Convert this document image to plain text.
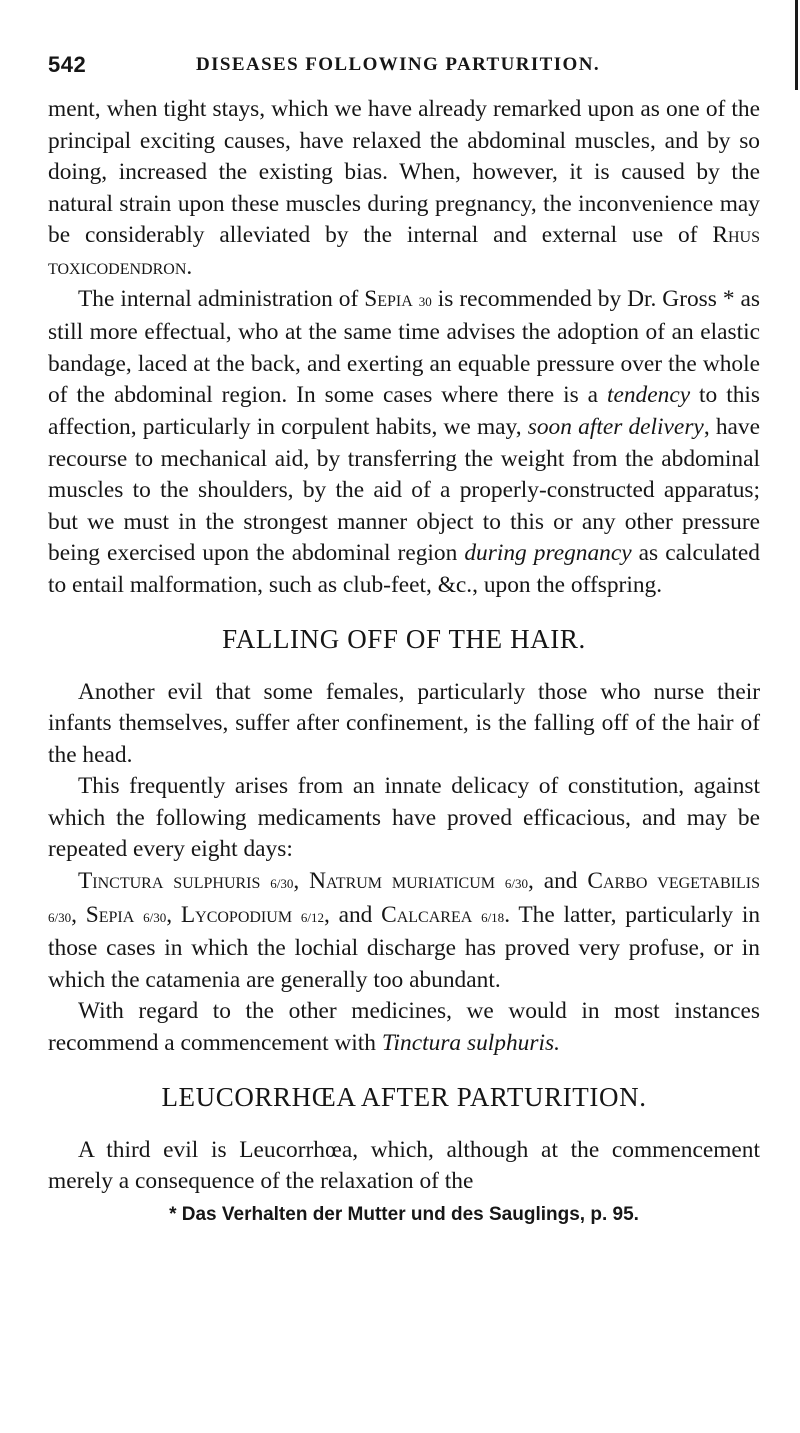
542	DISEASES FOLLOWING PARTURITION.

ment, when tight stays, which we have already remarked upon as one of the principal exciting causes, have relaxed the abdominal muscles, and by so doing, increased the existing bias. When, however, it is caused by the natural strain upon these muscles during pregnancy, the inconvenience may be considerably alleviated by the internal and external use of Rhus toxicodendron.

The internal administration of Sepia 30 is recommended by Dr. Gross * as still more effectual, who at the same time advises the adoption of an elastic bandage, laced at the back, and exerting an equable pressure over the whole of the abdominal region. In some cases where there is a tendency to this affection, particularly in corpulent habits, we may, soon after delivery, have recourse to mechanical aid, by transferring the weight from the abdominal muscles to the shoulders, by the aid of a properly-constructed apparatus; but we must in the strongest manner object to this or any other pressure being exercised upon the abdominal region during pregnancy as calculated to entail malformation, such as club-feet, &c., upon the offspring.

FALLING OFF OF THE HAIR.

Another evil that some females, particularly those who nurse their infants themselves, suffer after confinement, is the falling off of the hair of the head.

This frequently arises from an innate delicacy of constitution, against which the following medicaments have proved efficacious, and may be repeated every eight days:

Tinctura sulphuris 6/30, Natrum muriaticum 6/30, and Carbo vegetabilis 6/30, Sepia 6/30, Lycopodium 6/12, and Calcarea 6/18. The latter, particularly in those cases in which the lochial discharge has proved very profuse, or in which the catamenia are generally too abundant.

With regard to the other medicines, we would in most instances recommend a commencement with Tinctura sulphuris.

LEUCORRHŒA AFTER PARTURITION.

A third evil is Leucorrhœa, which, although at the commencement merely a consequence of the relaxation of the

* Das Verhalten der Mutter und des Sauglings, p. 95.
